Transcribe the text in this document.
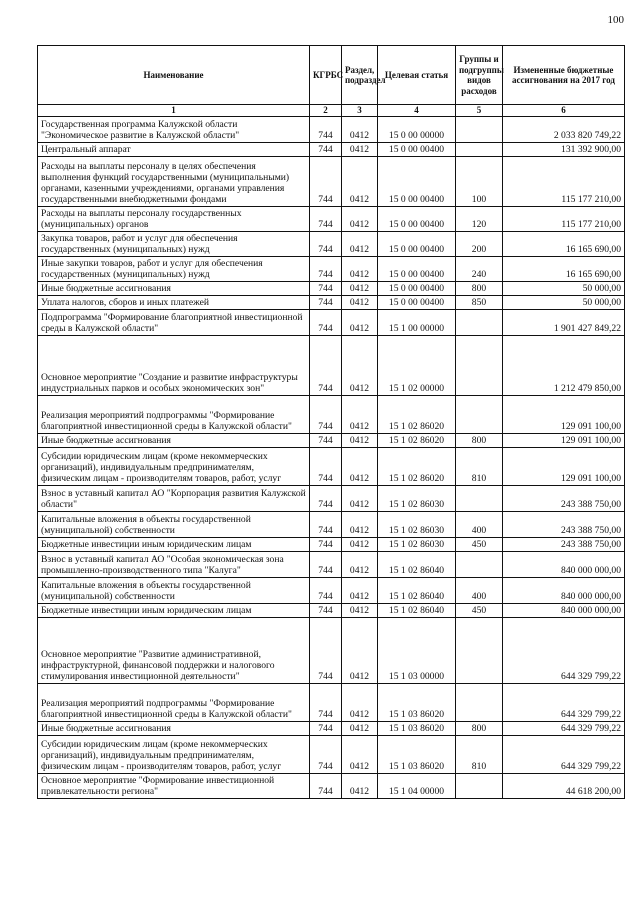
100
Наименование	КГРБС	Раздел, подраздел	Целевая статья	Группы и подгруппы видов расходов	Измененные бюджетные ассигнования на 2017 год
1	2	3	4	5	6
Государственная программа Калужской области "Экономическое развитие в Калужской области"	744	0412	15 0 00 00000		2 033 820 749,22
Центральный аппарат	744	0412	15 0 00 00400		131 392 900,00
Расходы на выплаты персоналу в целях обеспечения выполнения функций государственными (муниципальными) органами, казенными учреждениями, органами управления государственными внебюджетными фондами	744	0412	15 0 00 00400	100	115 177 210,00
Расходы на выплаты персоналу государственных (муниципальных) органов	744	0412	15 0 00 00400	120	115 177 210,00
Закупка товаров, работ и услуг для обеспечения государственных (муниципальных) нужд	744	0412	15 0 00 00400	200	16 165 690,00
Иные закупки товаров, работ и услуг для обеспечения государственных (муниципальных) нужд	744	0412	15 0 00 00400	240	16 165 690,00
Иные бюджетные ассигнования	744	0412	15 0 00 00400	800	50 000,00
Уплата налогов, сборов и иных платежей	744	0412	15 0 00 00400	850	50 000,00
Подпрограмма "Формирование благоприятной инвестиционной среды в Калужской области"	744	0412	15 1 00 00000		1 901 427 849,22
Основное мероприятие "Создание и развитие инфраструктуры индустриальных парков и особых экономических зон"	744	0412	15 1 02 00000		1 212 479 850,00
Реализация мероприятий подпрограммы "Формирование благоприятной инвестиционной среды в Калужской области"	744	0412	15 1 02 86020		129 091 100,00
Иные бюджетные ассигнования	744	0412	15 1 02 86020	800	129 091 100,00
Субсидии юридическим лицам (кроме некоммерческих организаций), индивидуальным предпринимателям, физическим лицам - производителям товаров, работ, услуг	744	0412	15 1 02 86020	810	129 091 100,00
Взнос в уставный капитал АО "Корпорация развития Калужской области"	744	0412	15 1 02 86030		243 388 750,00
Капитальные вложения в объекты государственной (муниципальной) собственности	744	0412	15 1 02 86030	400	243 388 750,00
Бюджетные инвестиции иным юридическим лицам	744	0412	15 1 02 86030	450	243 388 750,00
Взнос в уставный капитал АО "Особая экономическая зона промышленно-производственного типа "Калуга"	744	0412	15 1 02 86040		840 000 000,00
Капитальные вложения в объекты государственной (муниципальной) собственности	744	0412	15 1 02 86040	400	840 000 000,00
Бюджетные инвестиции иным юридическим лицам	744	0412	15 1 02 86040	450	840 000 000,00
Основное мероприятие "Развитие административной, инфраструктурной, финансовой поддержки и налогового стимулирования инвестиционной деятельности"	744	0412	15 1 03 00000		644 329 799,22
Реализация мероприятий подпрограммы "Формирование благоприятной инвестиционной среды в Калужской области"	744	0412	15 1 03 86020		644 329 799,22
Иные бюджетные ассигнования	744	0412	15 1 03 86020	800	644 329 799,22
Субсидии юридическим лицам (кроме некоммерческих организаций), индивидуальным предпринимателям, физическим лицам - производителям товаров, работ, услуг	744	0412	15 1 03 86020	810	644 329 799,22
Основное мероприятие "Формирование инвестиционной привлекательности региона"	744	0412	15 1 04 00000		44 618 200,00
